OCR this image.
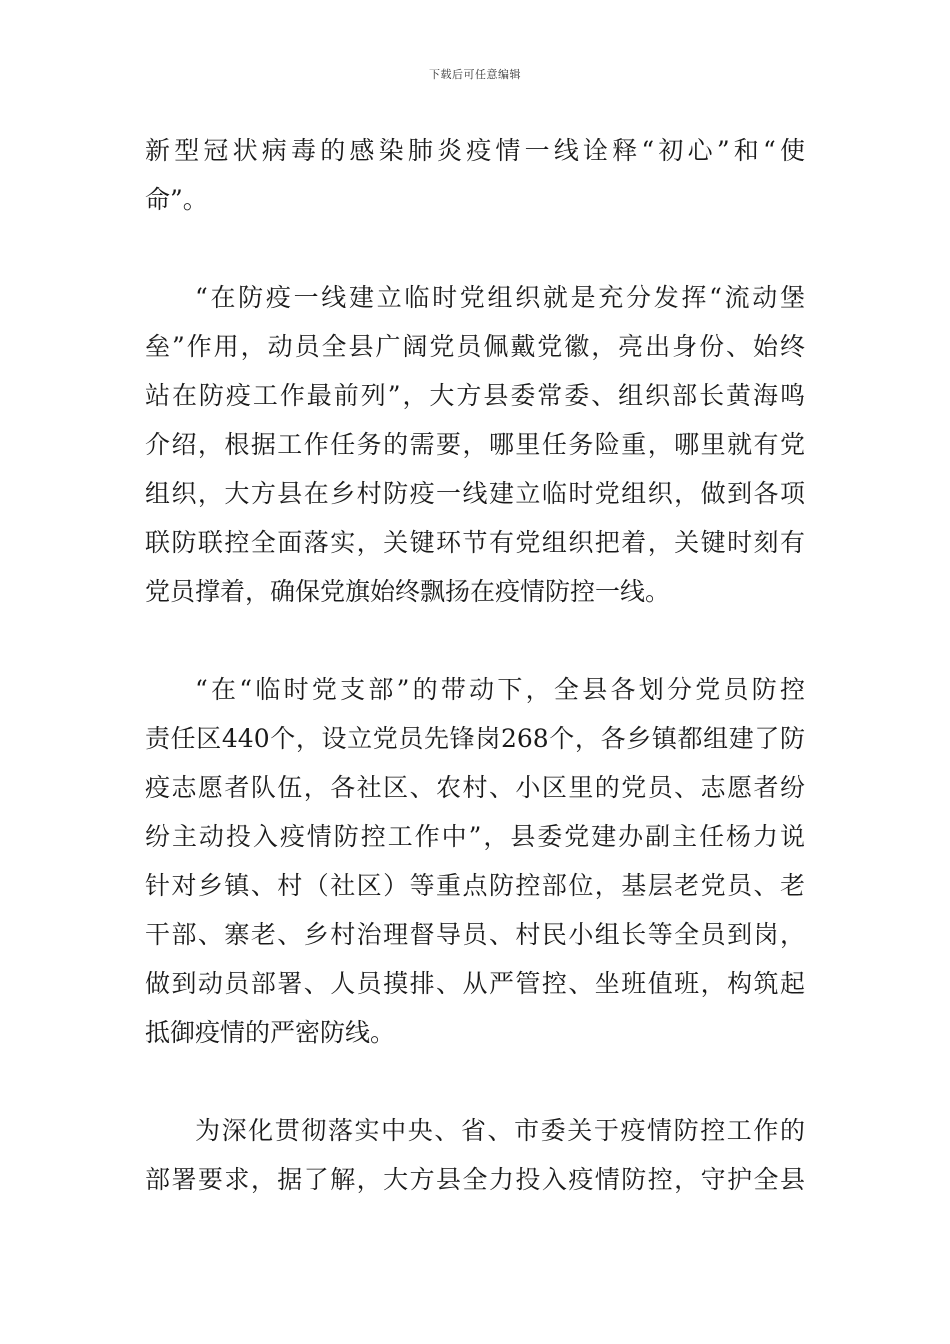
下载后可任意编辑
新型冠状病毒的感染肺炎疫情一线诠释“初心”和“使
命”。
“在防疫一线建立临时党组织就是充分发挥“流动堡
垒”作用，动员全县广阔党员佩戴党徽，亮出身份、始终
站在防疫工作最前列”，大方县委常委、组织部长黄海鸣
介绍，根据工作任务的需要，哪里任务险重，哪里就有党
组织，大方县在乡村防疫一线建立临时党组织，做到各项
联防联控全面落实，关键环节有党组织把着，关键时刻有
党员撑着，确保党旗始终飘扬在疫情防控一线。
“在“临时党支部”的带动下，全县各划分党员防控
责任区440个，设立党员先锋岗268个，各乡镇都组建了防
疫志愿者队伍，各社区、农村、小区里的党员、志愿者纷
纷主动投入疫情防控工作中”，县委党建办副主任杨力说
针对乡镇、村（社区）等重点防控部位，基层老党员、老
干部、寨老、乡村治理督导员、村民小组长等全员到岗，
做到动员部署、人员摸排、从严管控、坐班值班，构筑起
抵御疫情的严密防线。
为深化贯彻落实中央、省、市委关于疫情防控工作的
部署要求，据了解，大方县全力投入疫情防控，守护全县
